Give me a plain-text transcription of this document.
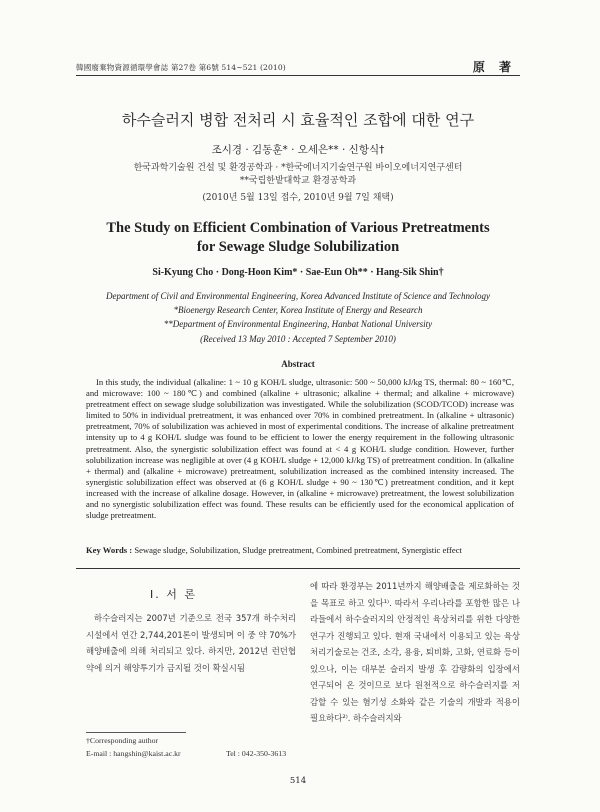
韓國廢棄物資源循環學會誌 第27卷 第6號 514~521 (2010)	原 著
하수슬러지 병합 전처리 시 효율적인 조합에 대한 연구
조시경 · 김동훈* · 오세은** · 신항식†
한국과학기술원 건설 및 환경공학과 · *한국에너지기술연구원 바이오에너지연구센터
**국립한밭대학교 환경공학과
(2010년 5월 13일 접수, 2010년 9월 7일 채택)
The Study on Efficient Combination of Various Pretreatments
for Sewage Sludge Solubilization
Si-Kyung Cho · Dong-Hoon Kim* · Sae-Eun Oh** · Hang-Sik Shin†
Department of Civil and Environmental Engineering, Korea Advanced Institute of Science and Technology
*Bioenergy Research Center, Korea Institute of Energy and Research
**Department of Environmental Engineering, Hanbat National University
(Received 13 May 2010 : Accepted 7 September 2010)
Abstract
In this study, the individual (alkaline: 1 ~ 10 g KOH/L sludge, ultrasonic: 500 ~ 50,000 kJ/kg TS, thermal: 80 ~ 160℃, and microwave: 100 ~ 180℃) and combined (alkaline + ultrasonic; alkaline + thermal; and alkaline + microwave) pretreatment effect on sewage sludge solubilization was investigated. While the solubilization (SCOD/TCOD) increase was limited to 50% in individual pretreatment, it was enhanced over 70% in combined pretreatment. In (alkaline + ultrasonic) pretreatment, 70% of solubilization was achieved in most of experimental conditions. The increase of alkaline pretreatment intensity up to 4 g KOH/L sludge was found to be efficient to lower the energy requirement in the following ultrasonic pretreatment. Also, the synergistic solubilization effect was found at < 4 g KOH/L sludge condition. However, further solubilization increase was negligible at over (4 g KOH/L sludge + 12,000 kJ/kg TS) of pretreatment condition. In (alkaline + thermal) and (alkaline + microwave) pretreatment, solubilization increased as the combined intensity increased. The synergistic solubilization effect was observed at (6 g KOH/L sludge + 90 ~ 130℃) pretreatment condition, and it kept increased with the increase of alkaline dosage. However, in (alkaline + microwave) pretreatment, the lowest solubilization and no synergistic solubilization effect was found. These results can be efficiently used for the economical application of sludge pretreatment.
Key Words : Sewage sludge, Solubilization, Sludge pretreatment, Combined pretreatment, Synergistic effect
I. 서 론
하수슬러지는 2007년 기준으로 전국 357개 하수처리시설에서 연간 2,744,201톤이 발생되며 이 중 약 70%가 해양배출에 의해 처리되고 있다. 하지만, 2012년 런던협약에 의거 해양투기가 금지될 것이 확실시됨
에 따라 환경부는 2011년까지 해양배출을 제로화하는 것을 목표로 하고 있다¹⁾. 따라서 우리나라를 포함한 많은 나라들에서 하수슬러지의 안정적인 육상처리를 위한 다양한 연구가 진행되고 있다. 현재 국내에서 이용되고 있는 육상처리기술로는 건조, 소각, 용융, 퇴비화, 고화, 연료화 등이 있으나, 이는 대부분 슬러지 발생 후 감량화의 입장에서 연구되어 온 것이므로 보다 원천적으로 하수슬러지를 저감할 수 있는 혐기성 소화와 같은 기술의 개발과 적용이 필요하다²⁾. 하수슬러지와
†Corresponding author
E-mail : hangshin@kaist.ac.kr	Tel : 042-350-3613
514
